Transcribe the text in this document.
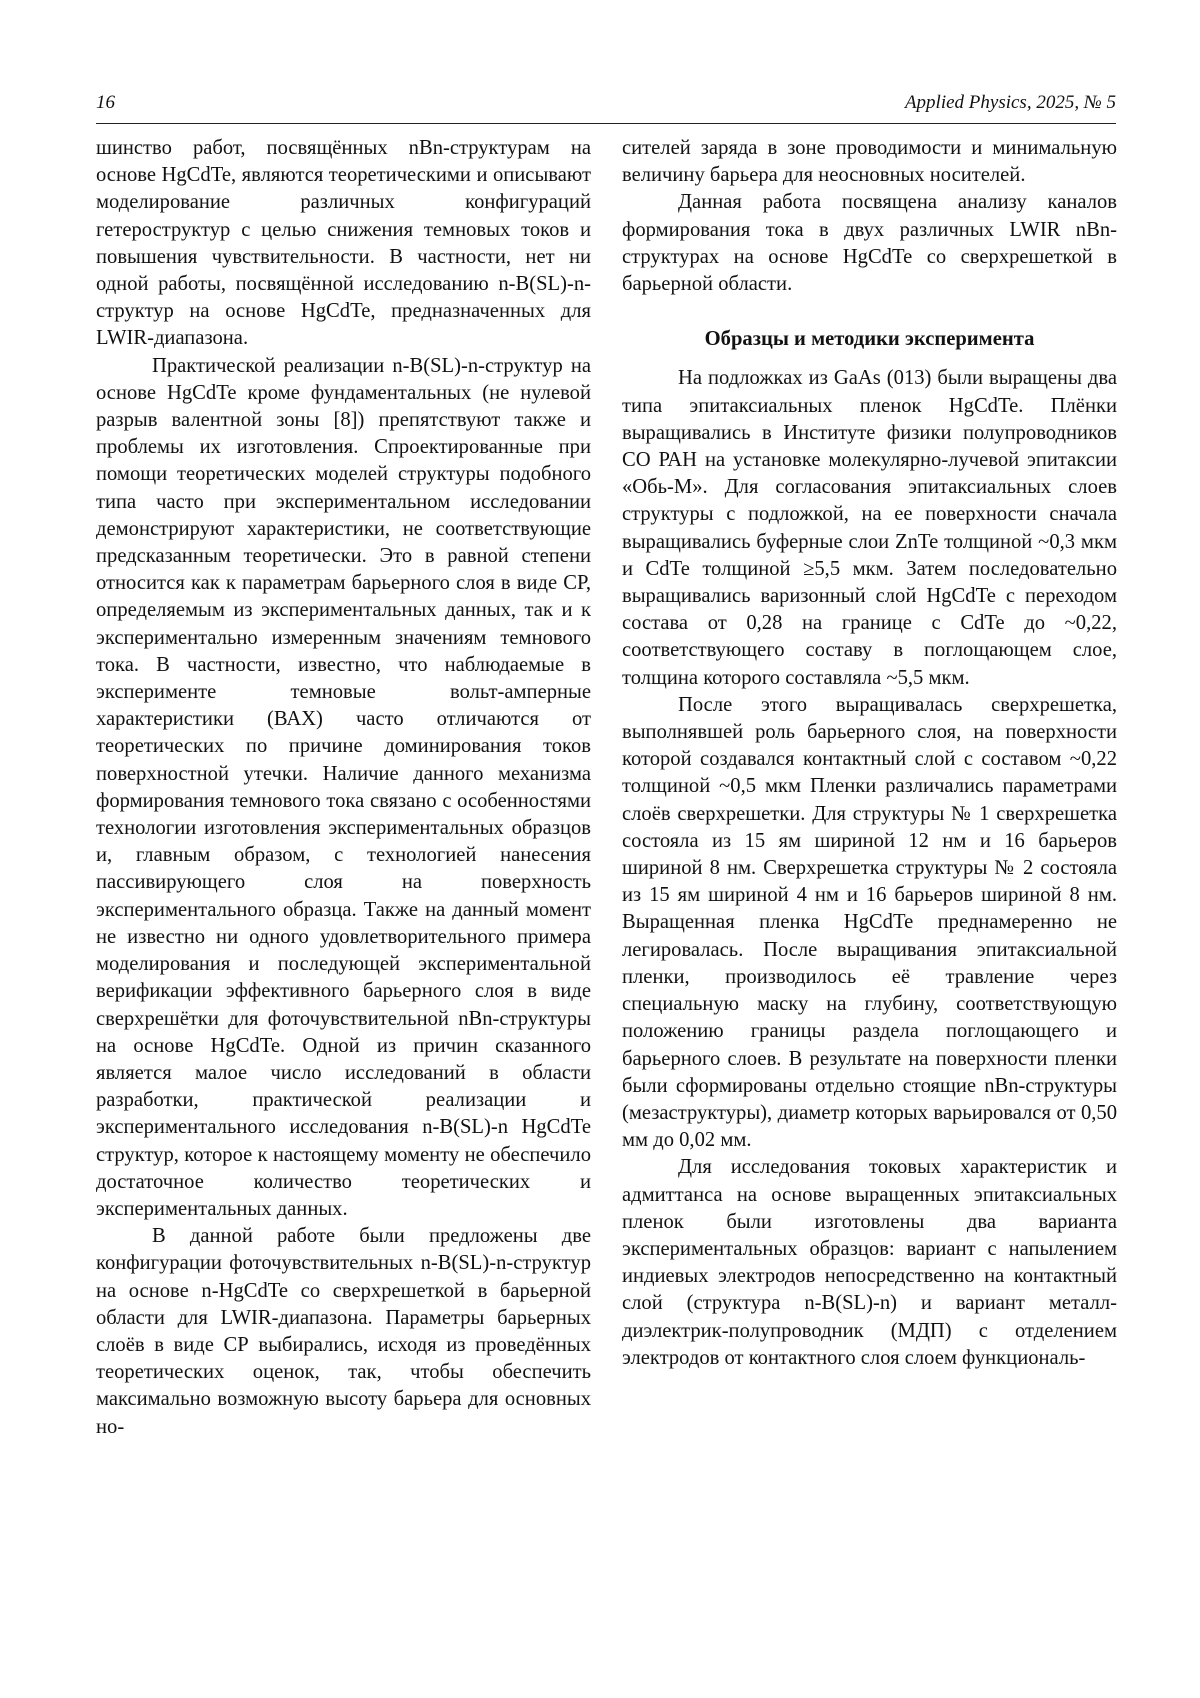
16	Applied Physics, 2025, № 5

шинство работ, посвящённых nBn-структурам на основе HgCdTe, являются теоретическими и описывают моделирование различных конфигураций гетероструктур с целью снижения темновых токов и повышения чувствительности. В частности, нет ни одной работы, посвящённой исследованию n-B(SL)-n-структур на основе HgCdTe, предназначенных для LWIR-диапазона.

Практической реализации n-B(SL)-n-структур на основе HgCdTe кроме фундаментальных (не нулевой разрыв валентной зоны [8]) препятствуют также и проблемы их изготовления. Спроектированные при помощи теоретических моделей структуры подобного типа часто при экспериментальном исследовании демонстрируют характеристики, не соответствующие предсказанным теоретически. Это в равной степени относится как к параметрам барьерного слоя в виде СР, определяемым из экспериментальных данных, так и к экспериментально измеренным значениям темнового тока. В частности, известно, что наблюдаемые в эксперименте темновые вольт-амперные характеристики (ВАХ) часто отличаются от теоретических по причине доминирования токов поверхностной утечки. Наличие данного механизма формирования темнового тока связано с особенностями технологии изготовления экспериментальных образцов и, главным образом, с технологией нанесения пассивирующего слоя на поверхность экспериментального образца. Также на данный момент не известно ни одного удовлетворительного примера моделирования и последующей экспериментальной верификации эффективного барьерного слоя в виде сверхрешётки для фоточувствительной nBn-структуры на основе HgCdTe. Одной из причин сказанного является малое число исследований в области разработки, практической реализации и экспериментального исследования n-B(SL)-n HgCdTe структур, которое к настоящему моменту не обеспечило достаточное количество теоретических и экспериментальных данных.

В данной работе были предложены две конфигурации фоточувствительных n-B(SL)-n-структур на основе n-HgCdTe со сверхрешеткой в барьерной области для LWIR-диапазона. Параметры барьерных слоёв в виде СР выбирались, исходя из проведённых теоретических оценок, так, чтобы обеспечить максимально возможную высоту барьера для основных но-

сителей заряда в зоне проводимости и минимальную величину барьера для неосновных носителей.

Данная работа посвящена анализу каналов формирования тока в двух различных LWIR nBn-структурах на основе HgCdTe со сверхрешеткой в барьерной области.

Образцы и методики эксперимента

На подложках из GaAs (013) были выращены два типа эпитаксиальных пленок HgCdTe. Плёнки выращивались в Институте физики полупроводников СО РАН на установке молекулярно-лучевой эпитаксии «Обь-М». Для согласования эпитаксиальных слоев структуры с подложкой, на ее поверхности сначала выращивались буферные слои ZnTe толщиной ~0,3 мкм и CdTe толщиной ≥5,5 мкм. Затем последовательно выращивались варизонный слой HgCdTe с переходом состава от 0,28 на границе с CdTe до ~0,22, соответствующего составу в поглощающем слое, толщина которого составляла ~5,5 мкм.

После этого выращивалась сверхрешетка, выполнявшей роль барьерного слоя, на поверхности которой создавался контактный слой с составом ~0,22 толщиной ~0,5 мкм Пленки различались параметрами слоёв сверхрешетки. Для структуры № 1 сверхрешетка состояла из 15 ям шириной 12 нм и 16 барьеров шириной 8 нм. Сверхрешетка структуры № 2 состояла из 15 ям шириной 4 нм и 16 барьеров шириной 8 нм. Выращенная пленка HgCdTe преднамеренно не легировалась. После выращивания эпитаксиальной пленки, производилось её травление через специальную маску на глубину, соответствующую положению границы раздела поглощающего и барьерного слоев. В результате на поверхности пленки были сформированы отдельно стоящие nBn-структуры (мезаструктуры), диаметр которых варьировался от 0,50 мм до 0,02 мм.

Для исследования токовых характеристик и адмиттанса на основе выращенных эпитаксиальных пленок были изготовлены два варианта экспериментальных образцов: вариант с напылением индиевых электродов непосредственно на контактный слой (структура n-B(SL)-n) и вариант металл-диэлектрик-полупроводник (МДП) с отделением электродов от контактного слоя слоем функциональ-
